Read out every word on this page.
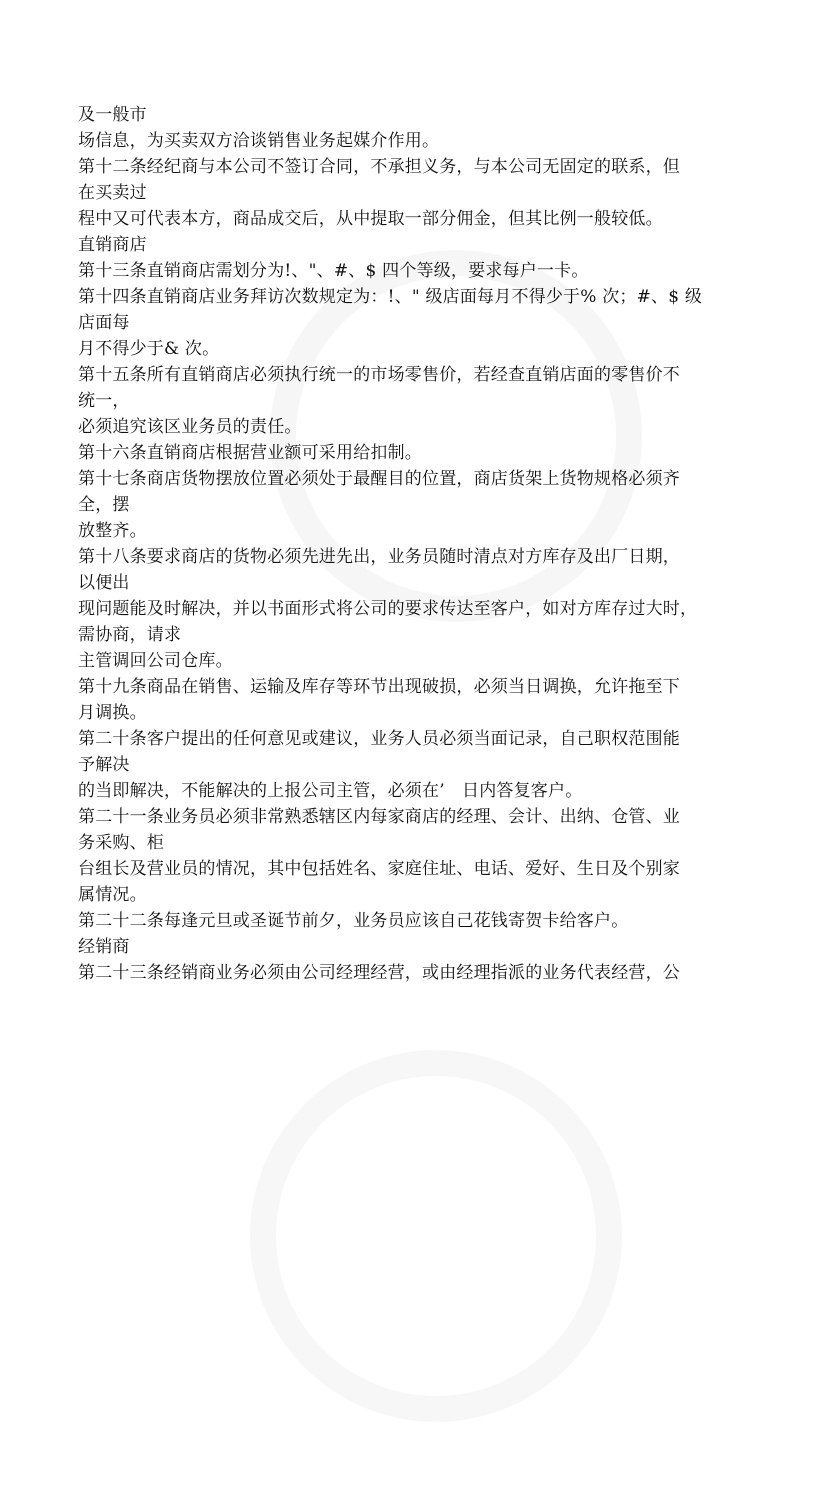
及一般市
场信息，为买卖双方洽谈销售业务起媒介作用。
第十二条经纪商与本公司不签订合同，不承担义务，与本公司无固定的联系，但
在买卖过
程中又可代表本方，商品成交后，从中提取一部分佣金，但其比例一般较低。
直销商店
第十三条直销商店需划分为!、"、#、$ 四个等级，要求每户一卡。
第十四条直销商店业务拜访次数规定为：!、" 级店面每月不得少于% 次；#、$ 级
店面每
月不得少于& 次。
第十五条所有直销商店必须执行统一的市场零售价，若经查直销店面的零售价不
统一，
必须追究该区业务员的责任。
第十六条直销商店根据营业额可采用给扣制。
第十七条商店货物摆放位置必须处于最醒目的位置，商店货架上货物规格必须齐
全，摆
放整齐。
第十八条要求商店的货物必须先进先出，业务员随时清点对方库存及出厂日期，
以便出
现问题能及时解决，并以书面形式将公司的要求传达至客户，如对方库存过大时，
需协商，请求
主管调回公司仓库。
第十九条商品在销售、运输及库存等环节出现破损，必须当日调换，允许拖至下
月调换。
第二十条客户提出的任何意见或建议，业务人员必须当面记录，自己职权范围能
予解决
的当即解决，不能解决的上报公司主管，必须在’　日内答复客户。
第二十一条业务员必须非常熟悉辖区内每家商店的经理、会计、出纳、仓管、业
务采购、柜
台组长及营业员的情况，其中包括姓名、家庭住址、电话、爱好、生日及个别家
属情况。
第二十二条每逢元旦或圣诞节前夕，业务员应该自己花钱寄贺卡给客户。
经销商
第二十三条经销商业务必须由公司经理经营，或由经理指派的业务代表经营，公
